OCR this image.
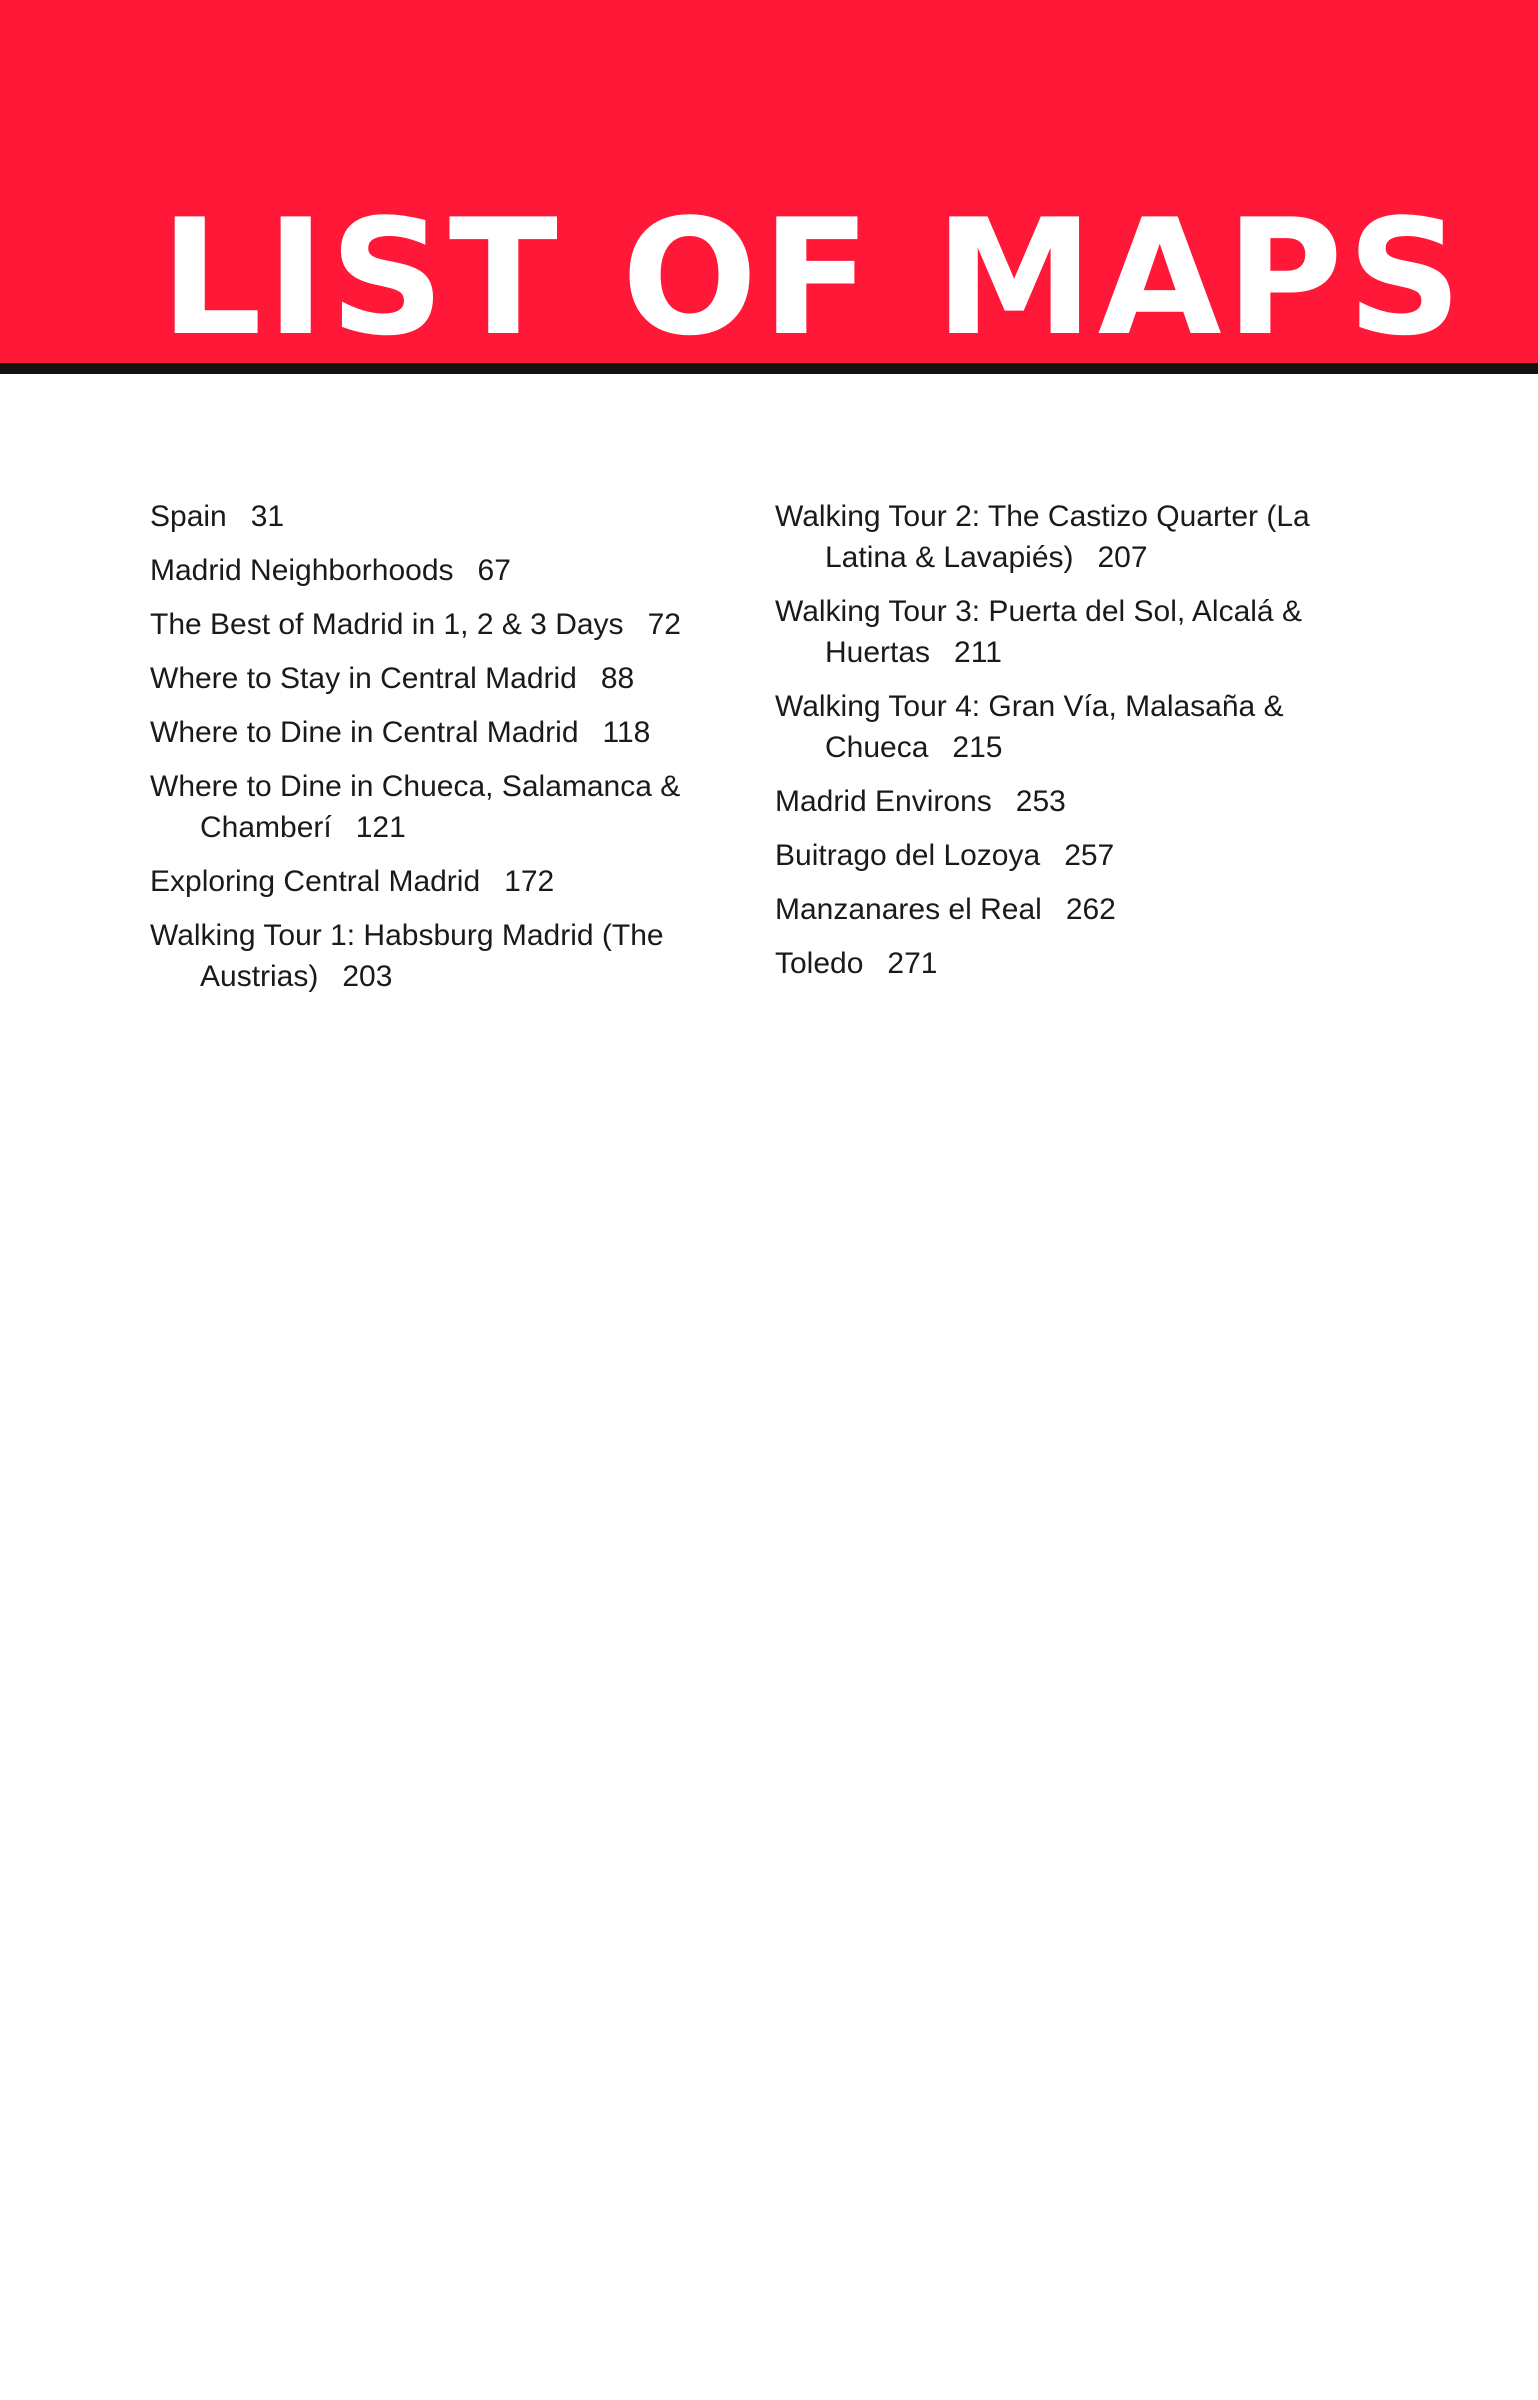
LIST OF MAPS
Spain 31
Madrid Neighborhoods 67
The Best of Madrid in 1, 2 & 3 Days 72
Where to Stay in Central Madrid 88
Where to Dine in Central Madrid 118
Where to Dine in Chueca, Salamanca & Chamberí 121
Exploring Central Madrid 172
Walking Tour 1: Habsburg Madrid (The Austrias) 203
Walking Tour 2: The Castizo Quarter (La Latina & Lavapiés) 207
Walking Tour 3: Puerta del Sol, Alcalá & Huertas 211
Walking Tour 4: Gran Vía, Malasaña & Chueca 215
Madrid Environs 253
Buitrago del Lozoya 257
Manzanares el Real 262
Toledo 271
